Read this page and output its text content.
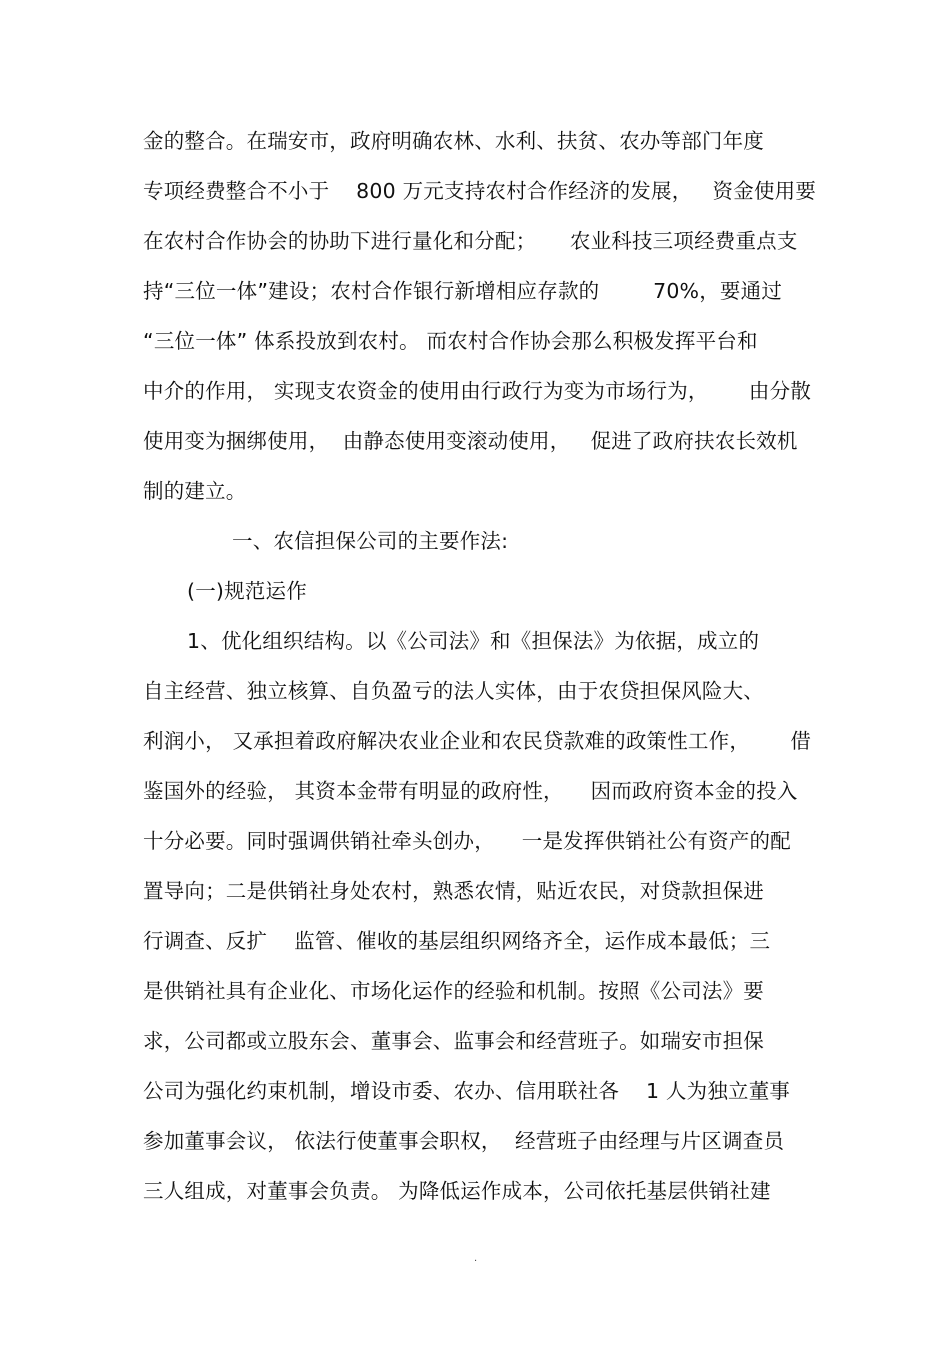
金的整合。在瑞安市，政府明确农林、水利、扶贫、农办等部门年度
专项经费整合不小于    800 万元支持农村合作经济的发展，   资金使用要
在农村合作协会的协助下进行量化和分配；     农业科技三项经费重点支
持“三位一体”建设；农村合作银行新增相应存款的        70%，要通过
“三位一体” 体系投放到农村。 而农村合作协会那么积极发挥平台和
中介的作用， 实现支农资金的使用由行政行为变为市场行为，      由分散
使用变为捆绑使用，  由静态使用变滚动使用，   促进了政府扶农长效机
制的建立。
一、农信担保公司的主要作法:
(一)规范运作
1、优化组织结构。以《公司法》和《担保法》为依据，成立的
自主经营、独立核算、自负盈亏的法人实体，由于农贷担保风险大、
利润小， 又承担着政府解决农业企业和农民贷款难的政策性工作，      借
鉴国外的经验， 其资本金带有明显的政府性，    因而政府资本金的投入
十分必要。同时强调供销社牵头创办，    一是发挥供销社公有资产的配
置导向；二是供销社身处农村，熟悉农情，贴近农民，对贷款担保进
行调查、反扩    监管、催收的基层组织网络齐全，运作成本最低；三
是供销社具有企业化、市场化运作的经验和机制。按照《公司法》要
求，公司都或立股东会、董事会、监事会和经营班子。如瑞安市担保
公司为强化约束机制，增设市委、农办、信用联社各    1 人为独立董事
参加董事会议， 依法行使董事会职权，  经营班子由经理与片区调查员
三人组成，对董事会负责。 为降低运作成本，公司依托基层供销社建
.
